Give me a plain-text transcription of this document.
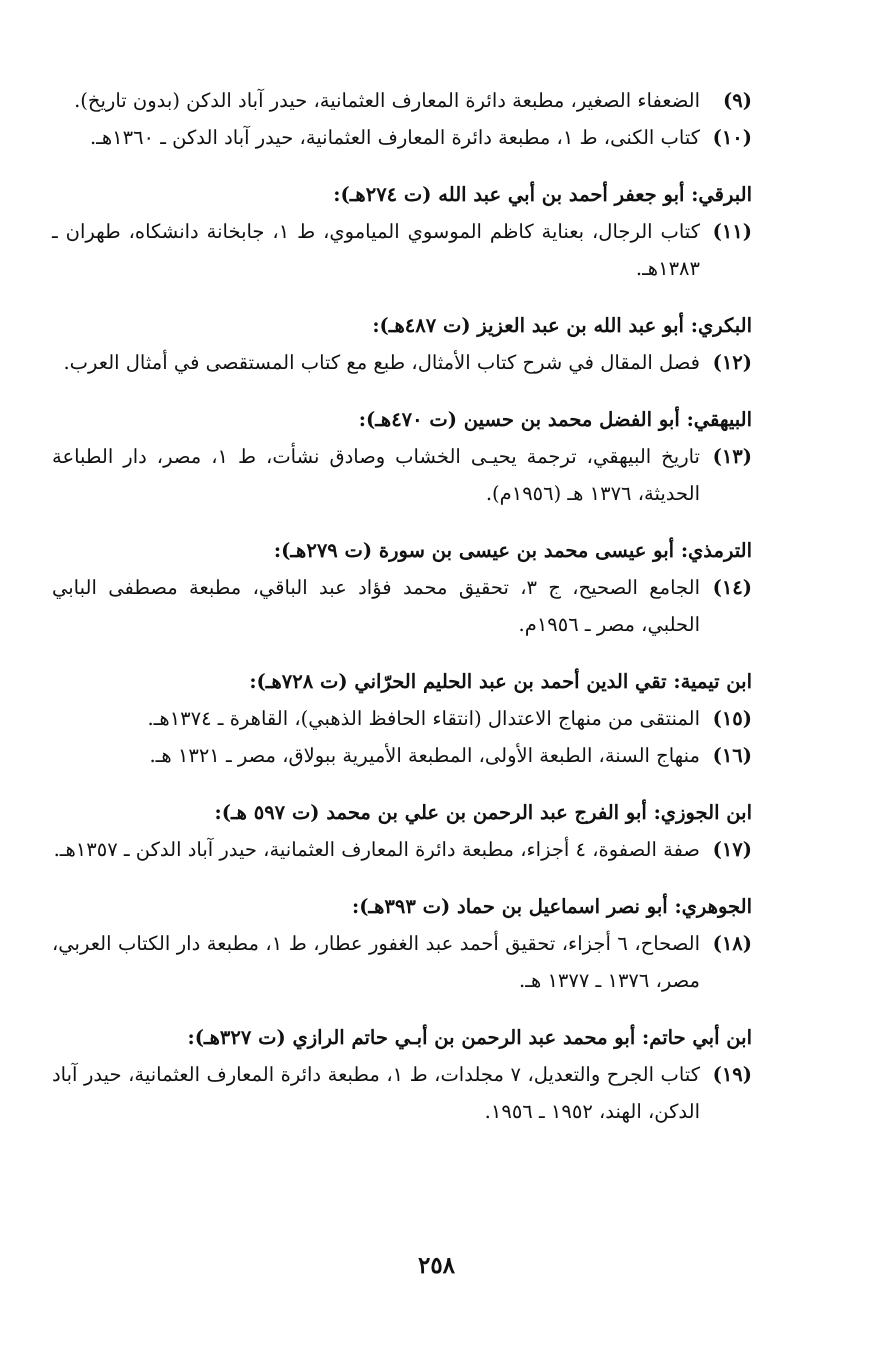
(٩)
الضعفاء الصغير، مطبعة دائرة المعارف العثمانية، حيدر آباد الدكن (بدون تاريخ).
(١٠)
كتاب الكنى، ط ١، مطبعة دائرة المعارف العثمانية، حيدر آباد الدكن ـ ١٣٦٠هـ.
البرقي: أبو جعفر أحمد بن أبي عبد الله (ت ٢٧٤هـ):
(١١)
كتاب الرجال، بعناية كاظم الموسوي المياموي، ط ١، جابخانة دانشكاه، طهران ـ ١٣٨٣هـ.
البكري: أبو عبد الله بن عبد العزيز (ت ٤٨٧هـ):
(١٢)
فصل المقال في شرح كتاب الأمثال، طبع مع كتاب المستقصى في أمثال العرب.
البيهقي: أبو الفضل محمد بن حسين (ت ٤٧٠هـ):
(١٣)
تاريخ البيهقي، ترجمة يحيـى الخشاب وصادق نشأت، ط ١، مصر، دار الطباعة الحديثة، ١٣٧٦ هـ (١٩٥٦م).
الترمذي: أبو عيسى محمد بن عيسى بن سورة (ت ٢٧٩هـ):
(١٤)
الجامع الصحيح، ج ٣، تحقيق محمد فؤاد عبد الباقي، مطبعة مصطفى البابي الحلبي، مصر ـ ١٩٥٦م.
ابن تيمية: تقي الدين أحمد بن عبد الحليم الحرّاني (ت ٧٢٨هـ):
(١٥)
المنتقى من منهاج الاعتدال (انتقاء الحافظ الذهبي)، القاهرة ـ ١٣٧٤هـ.
(١٦)
منهاج السنة، الطبعة الأولى، المطبعة الأميرية ببولاق، مصر ـ ١٣٢١ هـ.
ابن الجوزي: أبو الفرج عبد الرحمن بن علي بن محمد (ت ٥٩٧ هـ):
(١٧)
صفة الصفوة، ٤ أجزاء، مطبعة دائرة المعارف العثمانية، حيدر آباد الدكن ـ ١٣٥٧هـ.
الجوهري: أبو نصر اسماعيل بن حماد (ت ٣٩٣هـ):
(١٨)
الصحاح، ٦ أجزاء، تحقيق أحمد عبد الغفور عطار، ط ١، مطبعة دار الكتاب العربي، مصر، ١٣٧٦ ـ ١٣٧٧ هـ.
ابن أبي حاتم: أبو محمد عبد الرحمن بن أبـي حاتم الرازي (ت ٣٢٧هـ):
(١٩)
كتاب الجرح والتعديل، ٧ مجلدات، ط ١، مطبعة دائرة المعارف العثمانية، حيدر آباد الدكن، الهند، ١٩٥٢ ـ ١٩٥٦.
٢٥٨
